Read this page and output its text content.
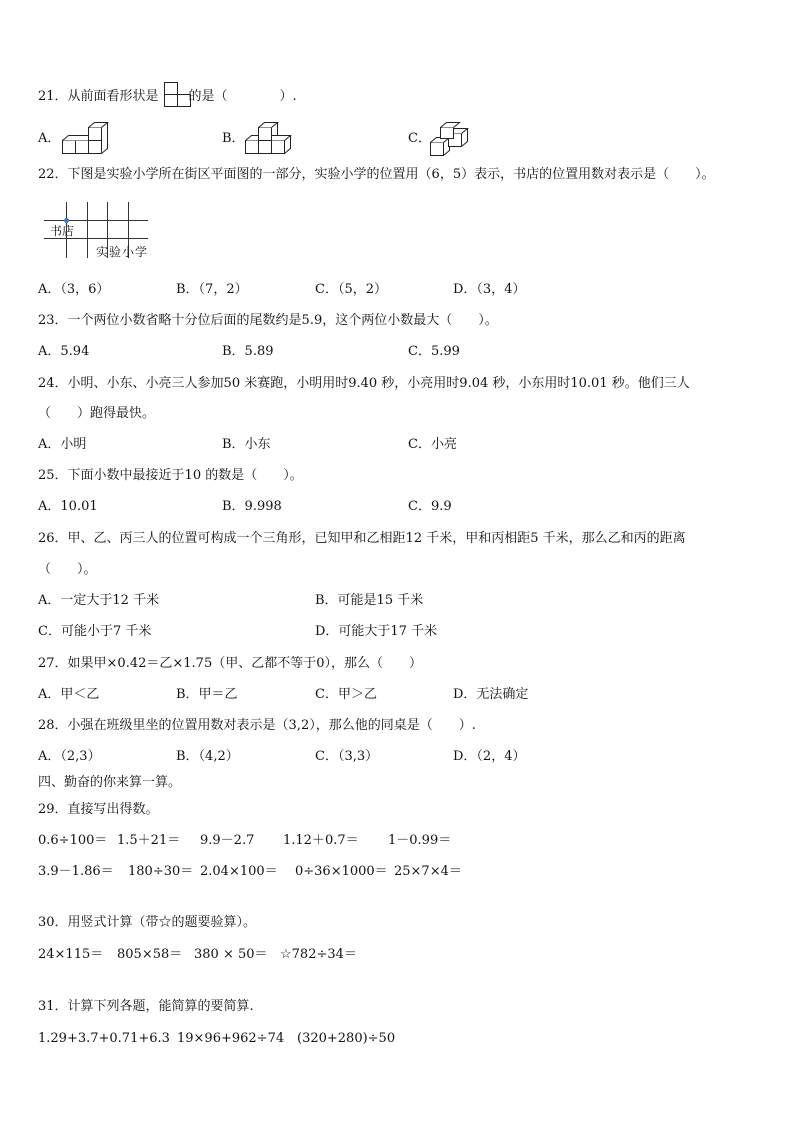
21．从前面看形状是 的是（　　　　）.
A．	B．	C．
22．下图是实验小学所在街区平面图的一部分，实验小学的位置用（6，5）表示，书店的位置用数对表示是（　　）。
书店
实验小学
A．（3，6）	B．（7，2）	C．（5，2）	D．（3，4）
23．一个两位小数省略十分位后面的尾数约是5.9，这个两位小数最大（　　）。
A．5.94	B．5.89	C．5.99
24．小明、小东、小亮三人参加50 米赛跑，小明用时9.40 秒，小亮用时9.04 秒，小东用时10.01 秒。他们三人
（　　）跑得最快。
A．小明	B．小东	C．小亮
25．下面小数中最接近于10 的数是（　　）。
A．10.01	B．9.998	C．9.9
26．甲、乙、丙三人的位置可构成一个三角形，已知甲和乙相距12 千米，甲和丙相距5 千米，那么乙和丙的距离
（　　）。
A．一定大于12 千米	B．可能是15 千米
C．可能小于7 千米	D．可能大于17 千米
27．如果甲×0.42＝乙×1.75（甲、乙都不等于0），那么（　　）
A．甲＜乙	B．甲＝乙	C．甲＞乙	D．无法确定
28．小强在班级里坐的位置用数对表示是（3,2），那么他的同桌是（　　）.
A．（2,3）	B．（4,2）	C．（3,3）	D．（2，4）
四、勤奋的你来算一算。
29．直接写出得数。
0.6÷100＝ 1.5＋21＝ 9.9－2.7 1.12＋0.7＝ 1－0.99＝
3.9－1.86＝ 180÷30＝ 2.04×100＝ 0÷36×1000＝ 25×7×4＝
30．用竖式计算（带☆的题要验算）。
24×115＝ 805×58＝ 380 × 50＝ ☆782÷34＝
31．计算下列各题，能简算的要简算.
1.29+3.7+0.71+6.3 19×96+962÷74 (320+280)÷50
